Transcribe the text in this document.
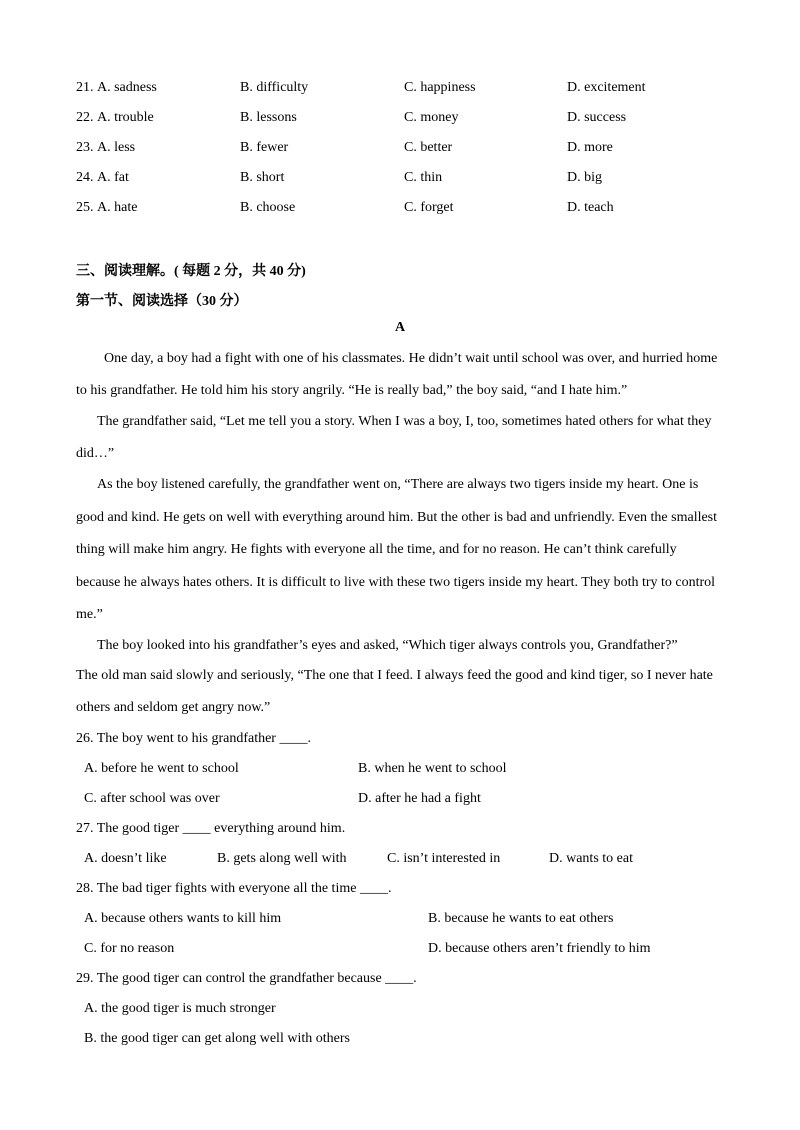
21. A. sadness	B. difficulty	C. happiness	D. excitement
22. A. trouble	B. lessons	C. money	D. success
23. A. less	B. fewer	C. better	D. more
24. A. fat	B. short	C. thin	D. big
25. A. hate	B. choose	C. forget	D. teach
三、阅读理解。( 每题 2 分，共 40 分)
第一节、阅读选择（30 分）
A
One day, a boy had a fight with one of his classmates. He didn’t wait until school was over, and hurried home
to his grandfather. He told him his story angrily. “He is really bad,” the boy said, “and I hate him.”
The grandfather said, “Let me tell you a story. When I was a boy, I, too, sometimes hated others for what they
did…”
As the boy listened carefully, the grandfather went on, “There are always two tigers inside my heart. One is
good and kind. He gets on well with everything around him. But the other is bad and unfriendly. Even the smallest
thing will make him angry. He fights with everyone all the time, and for no reason. He can’t think carefully
because he always hates others. It is difficult to live with these two tigers inside my heart. They both try to control
me.”
The boy looked into his grandfather’s eyes and asked, “Which tiger always controls you, Grandfather?”
The old man said slowly and seriously, “The one that I feed. I always feed the good and kind tiger, so I never hate
others and seldom get angry now.”
26. The boy went to his grandfather ____.
A. before he went to school	B. when he went to school
C. after school was over	D. after he had a fight
27. The good tiger ____ everything around him.
A. doesn’t like	B. gets along well with	C. isn’t interested in	D. wants to eat
28. The bad tiger fights with everyone all the time ____.
A. because others wants to kill him	B. because he wants to eat others
C. for no reason	D. because others aren’t friendly to him
29. The good tiger can control the grandfather because ____.
A. the good tiger is much stronger
B. the good tiger can get along well with others
